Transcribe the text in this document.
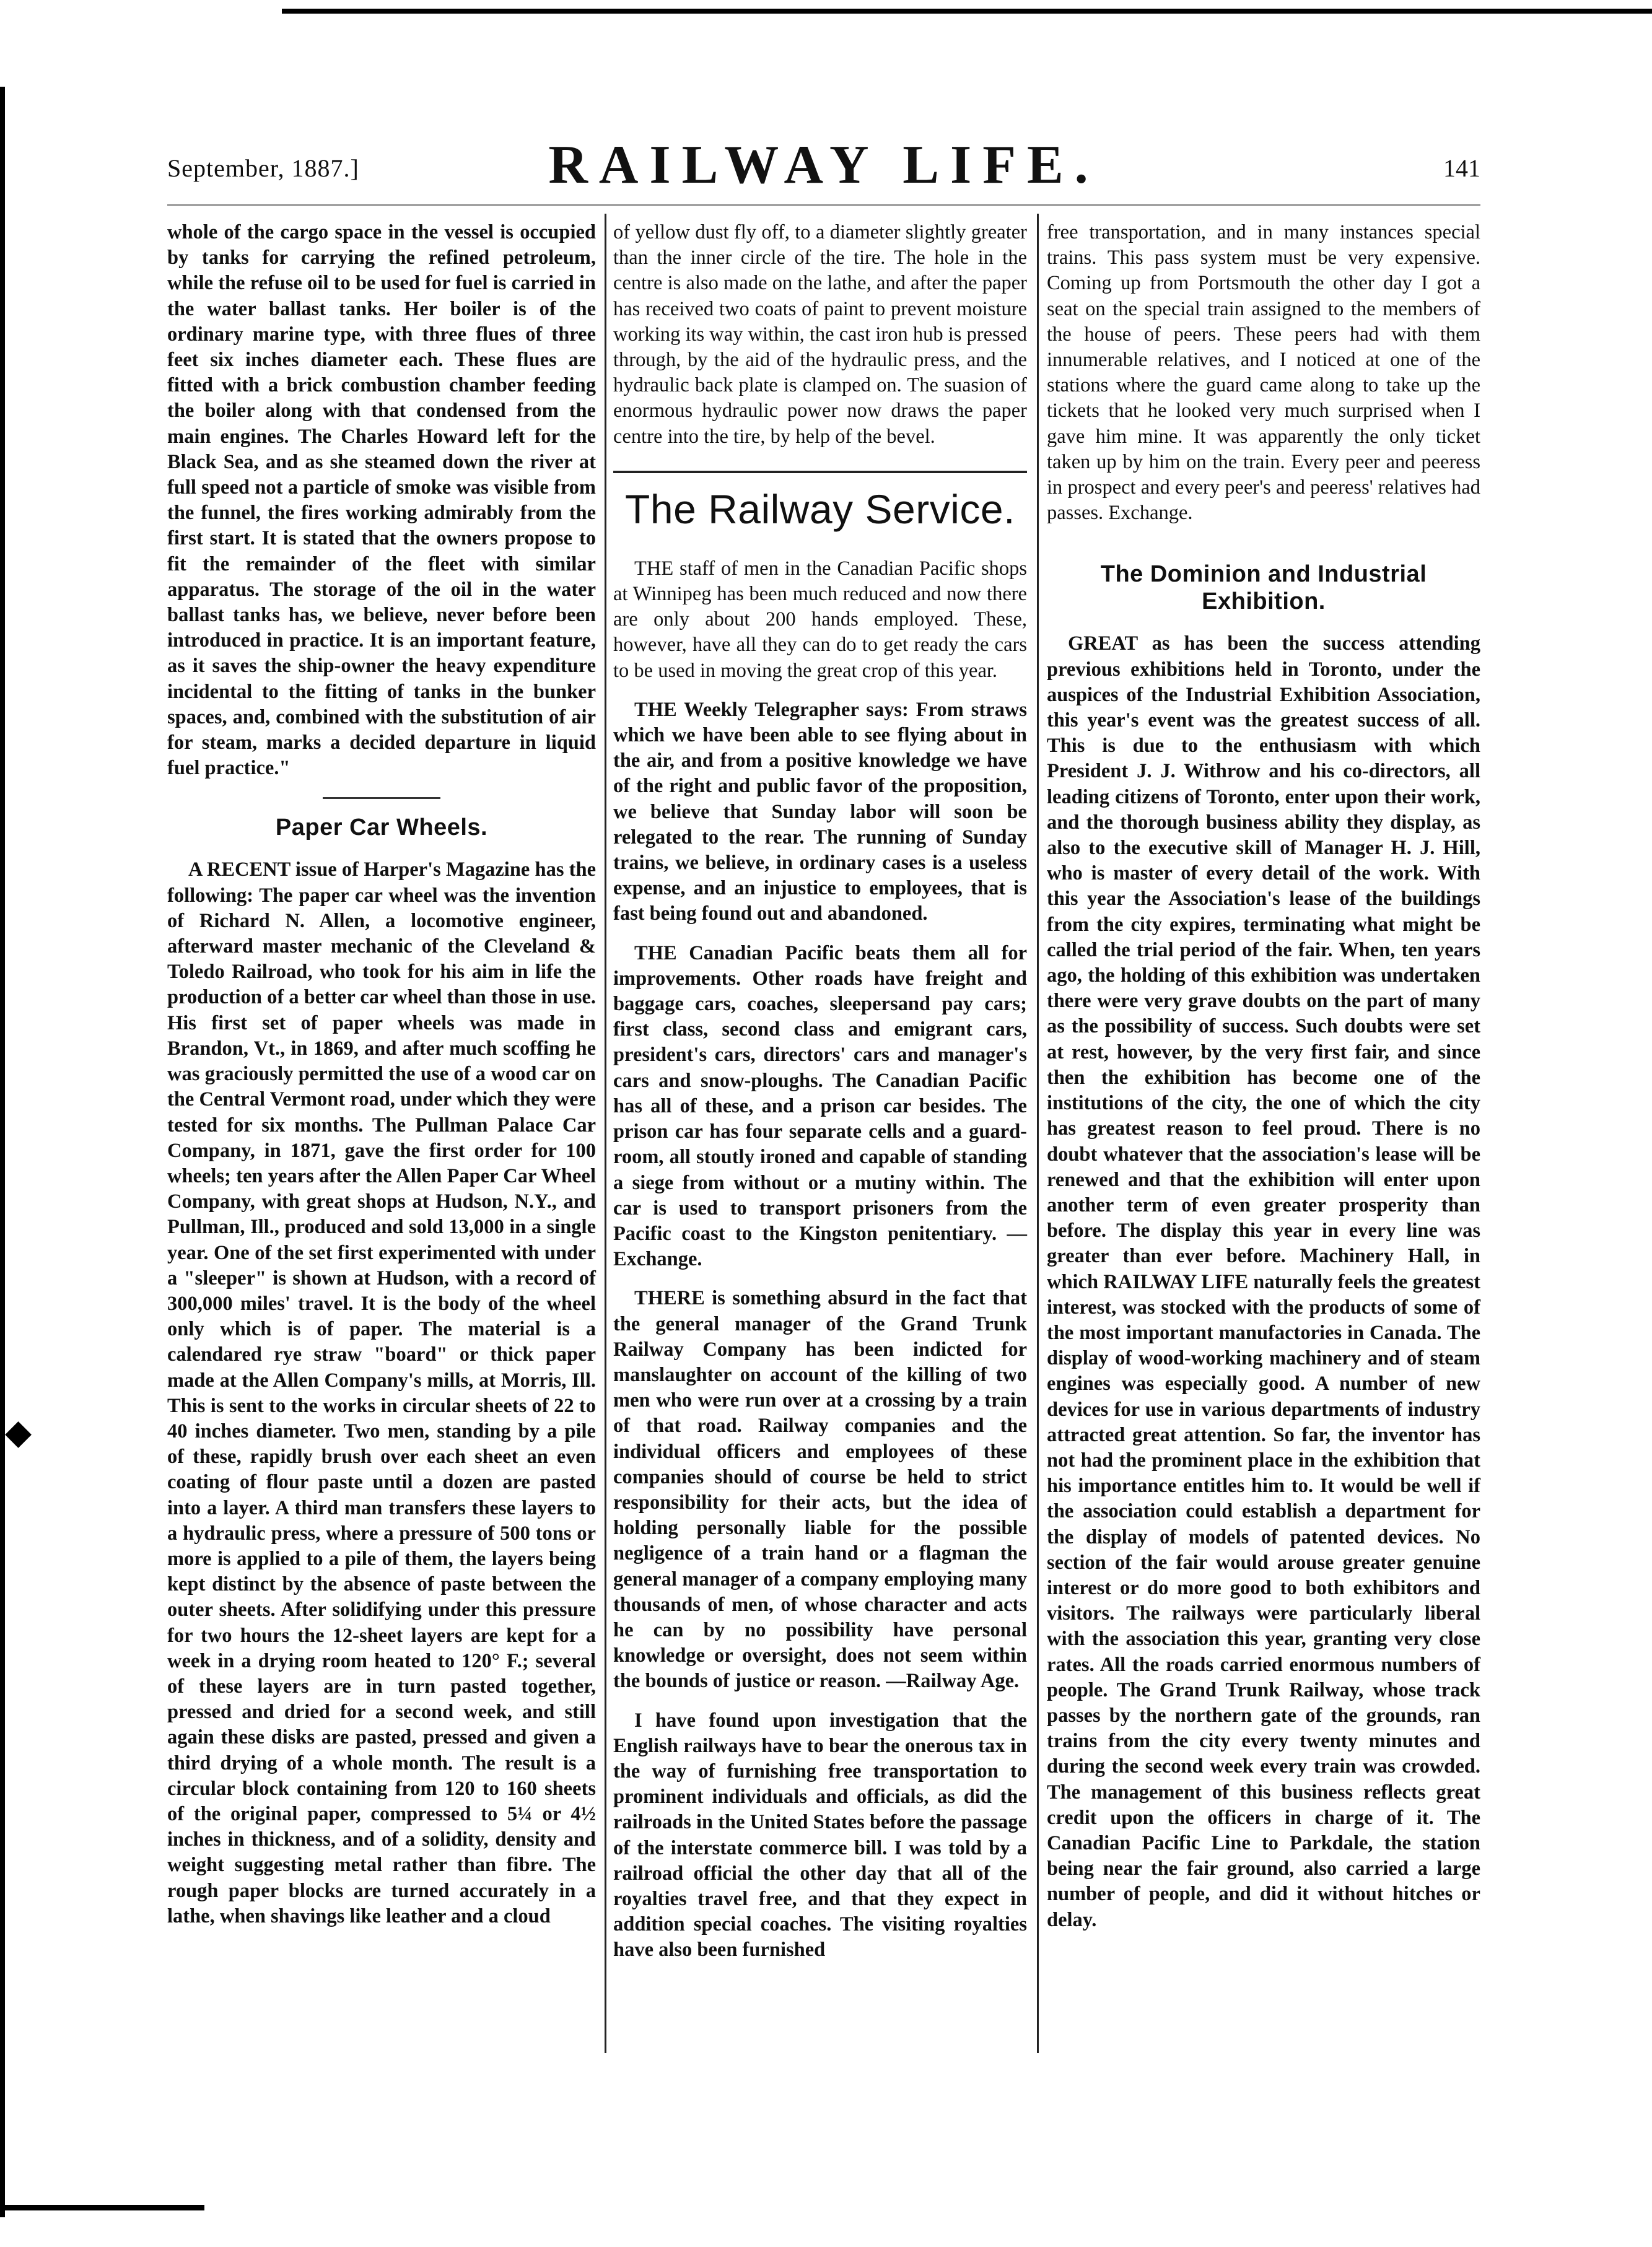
◆
September, 1887.]	RAILWAY LIFE.	141

whole of the cargo space in the vessel is occupied by tanks for carrying the refined petroleum, while the refuse oil to be used for fuel is carried in the water ballast tanks. Her boiler is of the ordinary marine type, with three flues of three feet six inches diameter each. These flues are fitted with a brick combustion chamber feeding the boiler along with that condensed from the main engines. The Charles Howard left for the Black Sea, and as she steamed down the river at full speed not a particle of smoke was visible from the funnel, the fires working admirably from the first start. It is stated that the owners propose to fit the remainder of the fleet with similar apparatus. The storage of the oil in the water ballast tanks has, we believe, never before been introduced in practice. It is an important feature, as it saves the ship-owner the heavy expenditure incidental to the fitting of tanks in the bunker spaces, and, combined with the substitution of air for steam, marks a decided departure in liquid fuel practice."

Paper Car Wheels.

A RECENT issue of Harper's Magazine has the following: The paper car wheel was the invention of Richard N. Allen, a locomotive engineer, afterward master mechanic of the Cleveland & Toledo Railroad, who took for his aim in life the production of a better car wheel than those in use. His first set of paper wheels was made in Brandon, Vt., in 1869, and after much scoffing he was graciously permitted the use of a wood car on the Central Vermont road, under which they were tested for six months. The Pullman Palace Car Company, in 1871, gave the first order for 100 wheels; ten years after the Allen Paper Car Wheel Company, with great shops at Hudson, N.Y., and Pullman, Ill., produced and sold 13,000 in a single year. One of the set first experimented with under a "sleeper" is shown at Hudson, with a record of 300,000 miles' travel. It is the body of the wheel only which is of paper. The material is a calendared rye straw "board" or thick paper made at the Allen Company's mills, at Morris, Ill. This is sent to the works in circular sheets of 22 to 40 inches diameter. Two men, standing by a pile of these, rapidly brush over each sheet an even coating of flour paste until a dozen are pasted into a layer. A third man transfers these layers to a hydraulic press, where a pressure of 500 tons or more is applied to a pile of them, the layers being kept distinct by the absence of paste between the outer sheets. After solidifying under this pressure for two hours the 12-sheet layers are kept for a week in a drying room heated to 120° F.; several of these layers are in turn pasted together, pressed and dried for a second week, and still again these disks are pasted, pressed and given a third drying of a whole month. The result is a circular block containing from 120 to 160 sheets of the original paper, compressed to 5¼ or 4½ inches in thickness, and of a solidity, density and weight suggesting metal rather than fibre. The rough paper blocks are turned accurately in a lathe, when shavings like leather and a cloud

of yellow dust fly off, to a diameter slightly greater than the inner circle of the tire. The hole in the centre is also made on the lathe, and after the paper has received two coats of paint to prevent moisture working its way within, the cast iron hub is pressed through, by the aid of the hydraulic press, and the hydraulic back plate is clamped on. The suasion of enormous hydraulic power now draws the paper centre into the tire, by help of the bevel.

The Railway Service.

THE staff of men in the Canadian Pacific shops at Winnipeg has been much reduced and now there are only about 200 hands employed. These, however, have all they can do to get ready the cars to be used in moving the great crop of this year.

THE Weekly Telegrapher says: From straws which we have been able to see flying about in the air, and from a positive knowledge we have of the right and public favor of the proposition, we believe that Sunday labor will soon be relegated to the rear. The running of Sunday trains, we believe, in ordinary cases is a useless expense, and an injustice to employees, that is fast being found out and abandoned.

THE Canadian Pacific beats them all for improvements. Other roads have freight and baggage cars, coaches, sleepersand pay cars; first class, second class and emigrant cars, president's cars, directors' cars and manager's cars and snow-ploughs. The Canadian Pacific has all of these, and a prison car besides. The prison car has four separate cells and a guard-room, all stoutly ironed and capable of standing a siege from without or a mutiny within. The car is used to transport prisoners from the Pacific coast to the Kingston penitentiary. —Exchange.

THERE is something absurd in the fact that the general manager of the Grand Trunk Railway Company has been indicted for manslaughter on account of the killing of two men who were run over at a crossing by a train of that road. Railway companies and the individual officers and employees of these companies should of course be held to strict responsibility for their acts, but the idea of holding personally liable for the possible negligence of a train hand or a flagman the general manager of a company employing many thousands of men, of whose character and acts he can by no possibility have personal knowledge or oversight, does not seem within the bounds of justice or reason. —Railway Age.

I have found upon investigation that the English railways have to bear the onerous tax in the way of furnishing free transportation to prominent individuals and officials, as did the railroads in the United States before the passage of the interstate commerce bill. I was told by a railroad official the other day that all of the royalties travel free, and that they expect in addition special coaches. The visiting royalties have also been furnished

free transportation, and in many instances special trains. This pass system must be very expensive. Coming up from Portsmouth the other day I got a seat on the special train assigned to the members of the house of peers. These peers had with them innumerable relatives, and I noticed at one of the stations where the guard came along to take up the tickets that he looked very much surprised when I gave him mine. It was apparently the only ticket taken up by him on the train. Every peer and peeress in prospect and every peer's and peeress' relatives had passes. Exchange.

The Dominion and Industrial Exhibition.

GREAT as has been the success attending previous exhibitions held in Toronto, under the auspices of the Industrial Exhibition Association, this year's event was the greatest success of all. This is due to the enthusiasm with which President J. J. Withrow and his co-directors, all leading citizens of Toronto, enter upon their work, and the thorough business ability they display, as also to the executive skill of Manager H. J. Hill, who is master of every detail of the work. With this year the Association's lease of the buildings from the city expires, terminating what might be called the trial period of the fair. When, ten years ago, the holding of this exhibition was undertaken there were very grave doubts on the part of many as the possibility of success. Such doubts were set at rest, however, by the very first fair, and since then the exhibition has become one of the institutions of the city, the one of which the city has greatest reason to feel proud. There is no doubt whatever that the association's lease will be renewed and that the exhibition will enter upon another term of even greater prosperity than before. The display this year in every line was greater than ever before. Machinery Hall, in which RAILWAY LIFE naturally feels the greatest interest, was stocked with the products of some of the most important manufactories in Canada. The display of wood-working machinery and of steam engines was especially good. A number of new devices for use in various departments of industry attracted great attention. So far, the inventor has not had the prominent place in the exhibition that his importance entitles him to. It would be well if the association could establish a department for the display of models of patented devices. No section of the fair would arouse greater genuine interest or do more good to both exhibitors and visitors. The railways were particularly liberal with the association this year, granting very close rates. All the roads carried enormous numbers of people. The Grand Trunk Railway, whose track passes by the northern gate of the grounds, ran trains from the city every twenty minutes and during the second week every train was crowded. The management of this business reflects great credit upon the officers in charge of it. The Canadian Pacific Line to Parkdale, the station being near the fair ground, also carried a large number of people, and did it without hitches or delay.
